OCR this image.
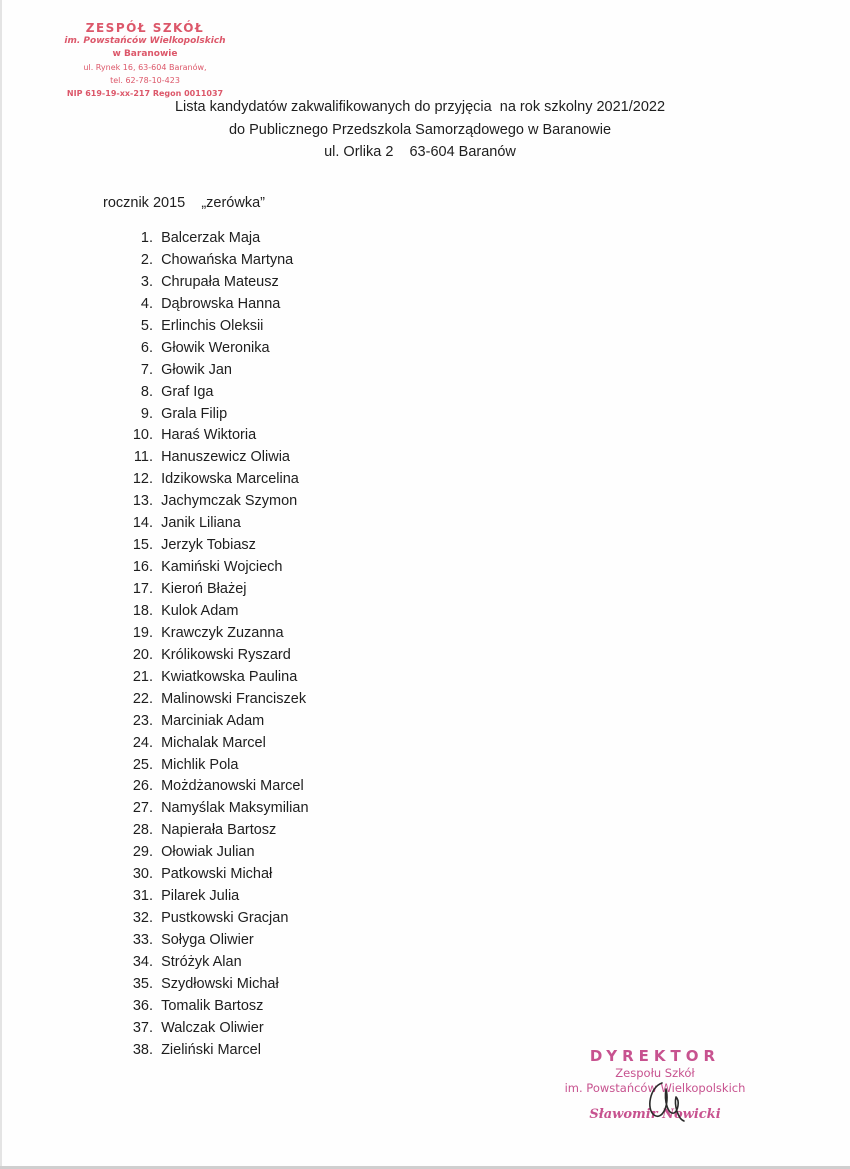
ZESPÓŁ SZKÓŁ
im. Powstańców Wielkopolskich
w Baranowie
ul. Rynek 16, 63-604 Baranów,
tel. 62-78-10-423
NIP 619-19-xx-217 Regon 0011037
Lista kandydatów zakwalifikowanych do przyjęcia  na rok szkolny 2021/2022
do Publicznego Przedszkola Samorządowego w Baranowie
ul. Orlika 2    63-604 Baranów
rocznik 2015    „zerówka”
1. Balcerzak Maja
2. Chowańska Martyna
3. Chrupała Mateusz
4. Dąbrowska Hanna
5. Erlinchis Oleksii
6. Głowik Weronika
7. Głowik Jan
8. Graf Iga
9. Grala Filip
10. Haraś Wiktoria
11. Hanuszewicz Oliwia
12. Idzikowska Marcelina
13. Jachymczak Szymon
14. Janik Liliana
15. Jerzyk Tobiasz
16. Kamiński Wojciech
17. Kieroń Błażej
18. Kulok Adam
19. Krawczyk Zuzanna
20. Królikowski Ryszard
21. Kwiatkowska Paulina
22. Malinowski Franciszek
23. Marciniak Adam
24. Michalak Marcel
25. Michlik Pola
26. Możdżanowski Marcel
27. Namyślak Maksymilian
28. Napierała Bartosz
29. Ołowiak Julian
30. Patkowski Michał
31. Pilarek Julia
32. Pustkowski Gracjan
33. Sołyga Oliwier
34. Stróżyk Alan
35. Szydłowski Michał
36. Tomalik Bartosz
37. Walczak Oliwier
38. Zieliński Marcel	DYREKTOR
Zespołu Szkół
im. Powstańców Wielkopolskich
Sławomir Nowicki
